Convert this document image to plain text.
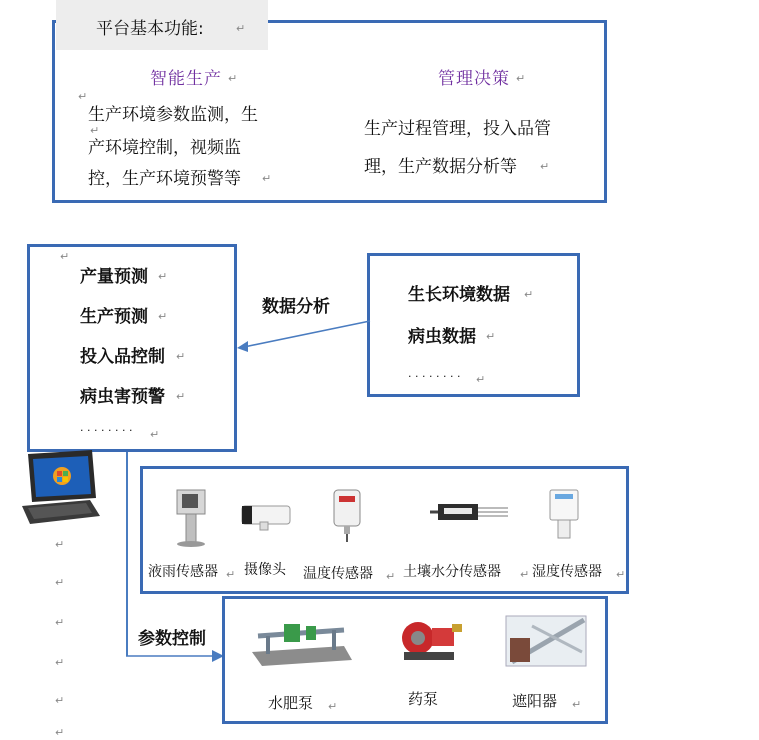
平台基本功能:	↵
智能生产 ↵
↵
生产环境参数监测，生
↵
产环境控制，视频监
控，生产环境预警等 ↵
管理决策 ↵
生产过程管理，投入品管
理，生产数据分析等 ↵
↵
产量预测 ↵
生产预测 ↵
投入品控制 ↵
病虫害预警 ↵
· · · · · · · · ↵
生长环境数据 ↵
病虫数据 ↵
· · · · · · · · ↵
数据分析
参数控制
↵
↵
↵
↵
↵
↵
液雨传感器 ↵ 摄像头 温度传感器 ↵ 土壤水分传感器 ↵ 湿度传感器 ↵
水肥泵 ↵	药泵	遮阳器 ↵
